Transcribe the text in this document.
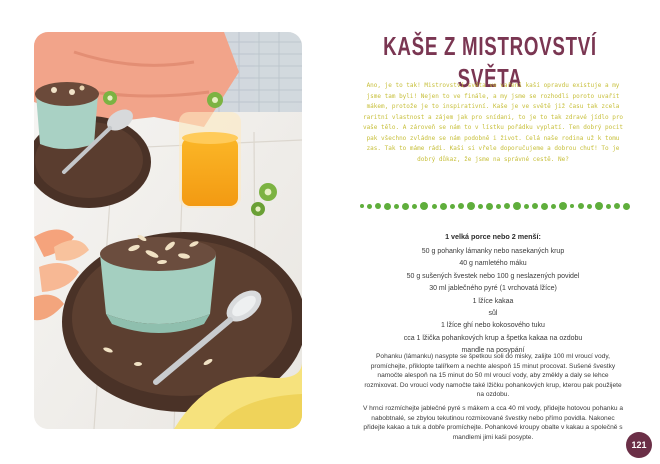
KAŠE Z MISTROVSTVÍ SVĚTA

Ano, je to tak! Mistrovství světa ve vaření kaší opravdu existuje a my jsme tam byli! Nejen to ve finále, a my jsme se rozhodli poroto uvařit mákem, protože je to inspirativní. Kaše je ve světě již času tak zcela raritní vlastnost a zájem jak pro snídani, to je to tak zdravé jídlo pro vaše tělo. A zároveň se nám to v lístku pořádku vyplatí. Ten dobrý pocit pak všechno zvládne se nám podobně i život. Celá naše rodina už k tomu zas. Tak to máme rádi. Kaši si vřele doporučujeme a dobrou chuť! To je dobrý důkaz, že jsme na správné cestě. Ne?

1 velká porce nebo 2 menší:
50 g pohanky lámanky nebo nasekaných krup
40 g namletého máku
50 g sušených švestek nebo 100 g neslazených povidel
30 ml jablečného pyré (1 vrchovatá lžíce)
1 lžíce kakaa
sůl
1 lžíce ghí nebo kokosového tuku
cca 1 lžička pohankových krup a špetka kakaa na ozdobu
mandle na posypání

Pohanku (lámanku) nasypte se špetkou soli do misky, zalijte 100 ml vroucí vody, promíchejte, přiklopte talířkem a nechte alespoň 15 minut procovat. Sušené švestky namočte alespoň na 15 minut do 50 ml vroucí vody, aby změkly a daly se lehce rozmixovat. Do vroucí vody namočte také lžičku pohankových krup, kterou pak použijete na ozdobu.

V hrnci rozmíchejte jablečné pyré s mákem a cca 40 ml vody, přidejte hotovou pohanku a nabobtnalé, se zbylou tekutinou rozmixované švestky nebo přímo povidla. Nakonec přidejte kakao a tuk a dobře promíchejte. Pohankové kroupy obalte v kakau a společně s mandlemi jimi kaši posypte.

121
